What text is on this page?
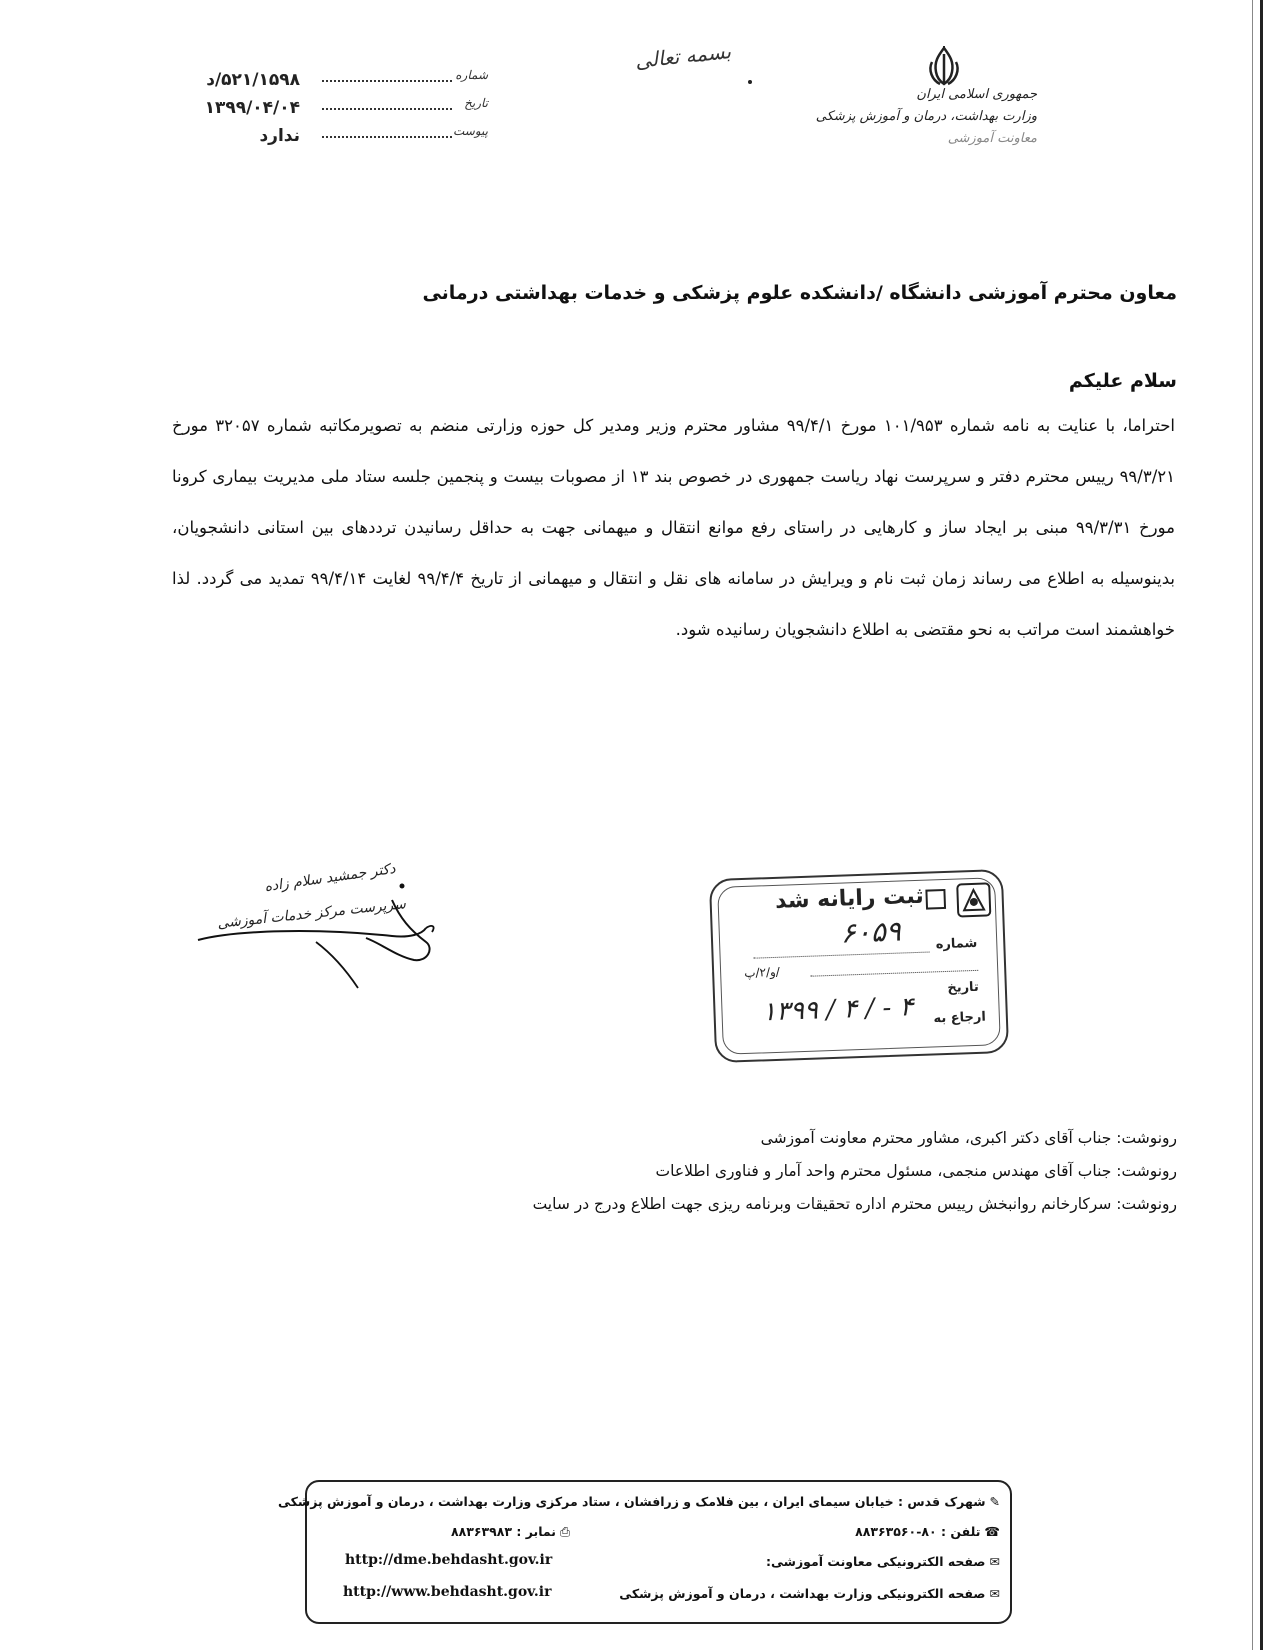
جمهوری اسلامی ایران
وزارت بهداشت، درمان و آموزش پزشکی
معاونت آموزشی
بسمه تعالی
شماره
۵۲۱/۱۵۹۸/د
تاریخ
۱۳۹۹/۰۴/۰۴
پیوست
ندارد
معاون محترم آموزشی دانشگاه /دانشکده علوم پزشکی و خدمات بهداشتی درمانی
سلام علیکم
احتراما، با عنایت به نامه شماره ۱۰۱/۹۵۳ مورخ ۹۹/۴/۱ مشاور محترم وزیر ومدیر کل حوزه وزارتی منضم به تصویرمکاتبه شماره ۳۲۰۵۷ مورخ ۹۹/۳/۲۱ رییس محترم دفتر و سرپرست نهاد ریاست جمهوری در خصوص بند ۱۳ از مصوبات بیست و پنجمین جلسه ستاد ملی مدیریت بیماری کرونا مورخ ۹۹/۳/۳۱ مبنی بر ایجاد ساز و کارهایی در راستای رفع موانع انتقال و میهمانی جهت به حداقل رسانیدن ترددهای بین استانی دانشجویان، بدینوسیله به اطلاع می رساند زمان ثبت نام و ویرایش در سامانه های نقل و انتقال و میهمانی از تاریخ ۹۹/۴/۴ لغایت ۹۹/۴/۱۴ تمدید می گردد. لذا خواهشمند است مراتب به نحو مقتضی به اطلاع دانشجویان رسانیده شود.
دکتر جمشید سلام زاده
سرپرست مرکز خدمات آموزشی	ثبت رایانه شد
شماره
۶۰۵۹
/و/۲/پ
تاریخ
ارجاع به
۱۳۹۹ / ۴ / - ۴
رونوشت: جناب آقای دکتر اکبری، مشاور محترم معاونت آموزشی
رونوشت: جناب آقای مهندس منجمی، مسئول محترم واحد آمار و فناوری اطلاعات
رونوشت: سرکارخانم روانبخش رییس محترم اداره تحقیقات وبرنامه ریزی جهت اطلاع ودرج در سایت
✎شهرک قدس : خیابان سیمای ایران ، بین فلامک و زرافشان ، ستاد مرکزی وزارت بهداشت ، درمان و آموزش پزشکی
☎تلفن : ۸۰-۸۸۳۶۳۵۶۰
⎙نمابر : ۸۸۳۶۳۹۸۳
✉صفحه الکترونیکی معاونت آموزشی:
http://dme.behdasht.gov.ir
✉صفحه الکترونیکی وزارت بهداشت ، درمان و آموزش پزشکی
http://www.behdasht.gov.ir
